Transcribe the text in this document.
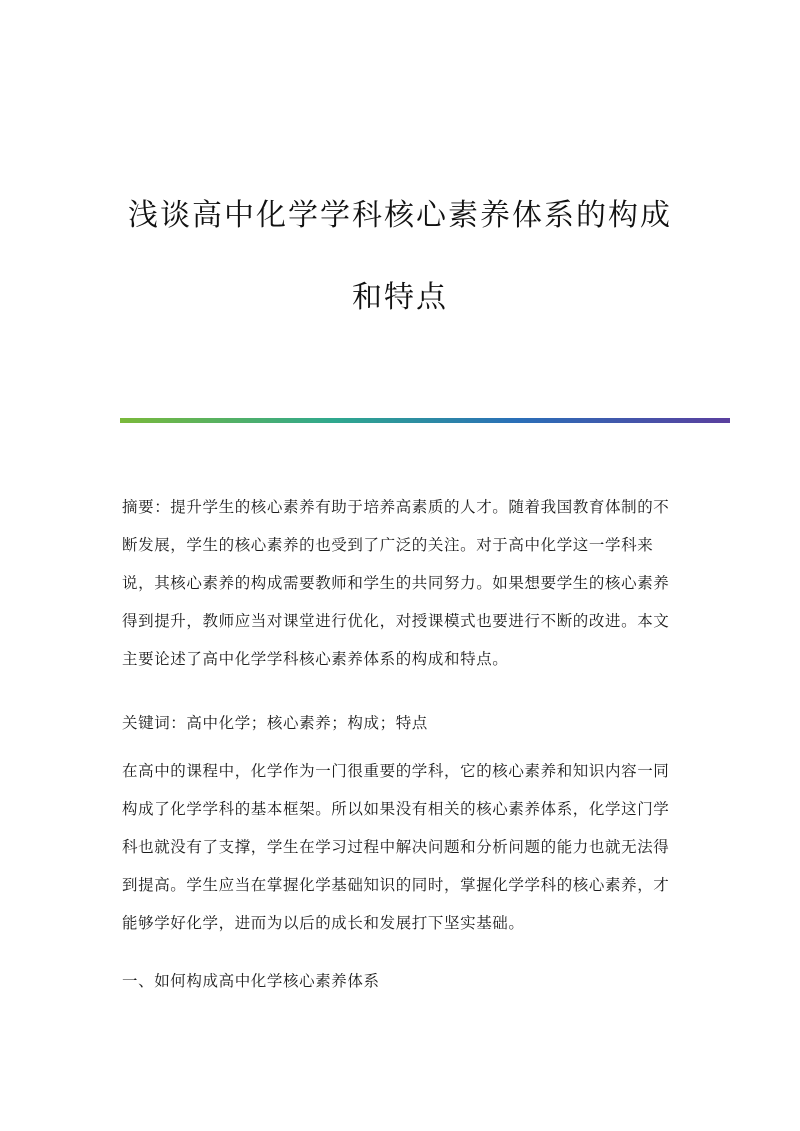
浅谈高中化学学科核心素养体系的构成
和特点

摘要：提升学生的核心素养有助于培养高素质的人才。随着我国教育体制的不

断发展，学生的核心素养的也受到了广泛的关注。对于高中化学这一学科来

说，其核心素养的构成需要教师和学生的共同努力。如果想要学生的核心素养

得到提升，教师应当对课堂进行优化，对授课模式也要进行不断的改进。本文

主要论述了高中化学学科核心素养体系的构成和特点。

关键词：高中化学；核心素养；构成；特点

在高中的课程中，化学作为一门很重要的学科，它的核心素养和知识内容一同

构成了化学学科的基本框架。所以如果没有相关的核心素养体系，化学这门学

科也就没有了支撑，学生在学习过程中解决问题和分析问题的能力也就无法得

到提高。学生应当在掌握化学基础知识的同时，掌握化学学科的核心素养，才

能够学好化学，进而为以后的成长和发展打下坚实基础。

一、如何构成高中化学核心素养体系
